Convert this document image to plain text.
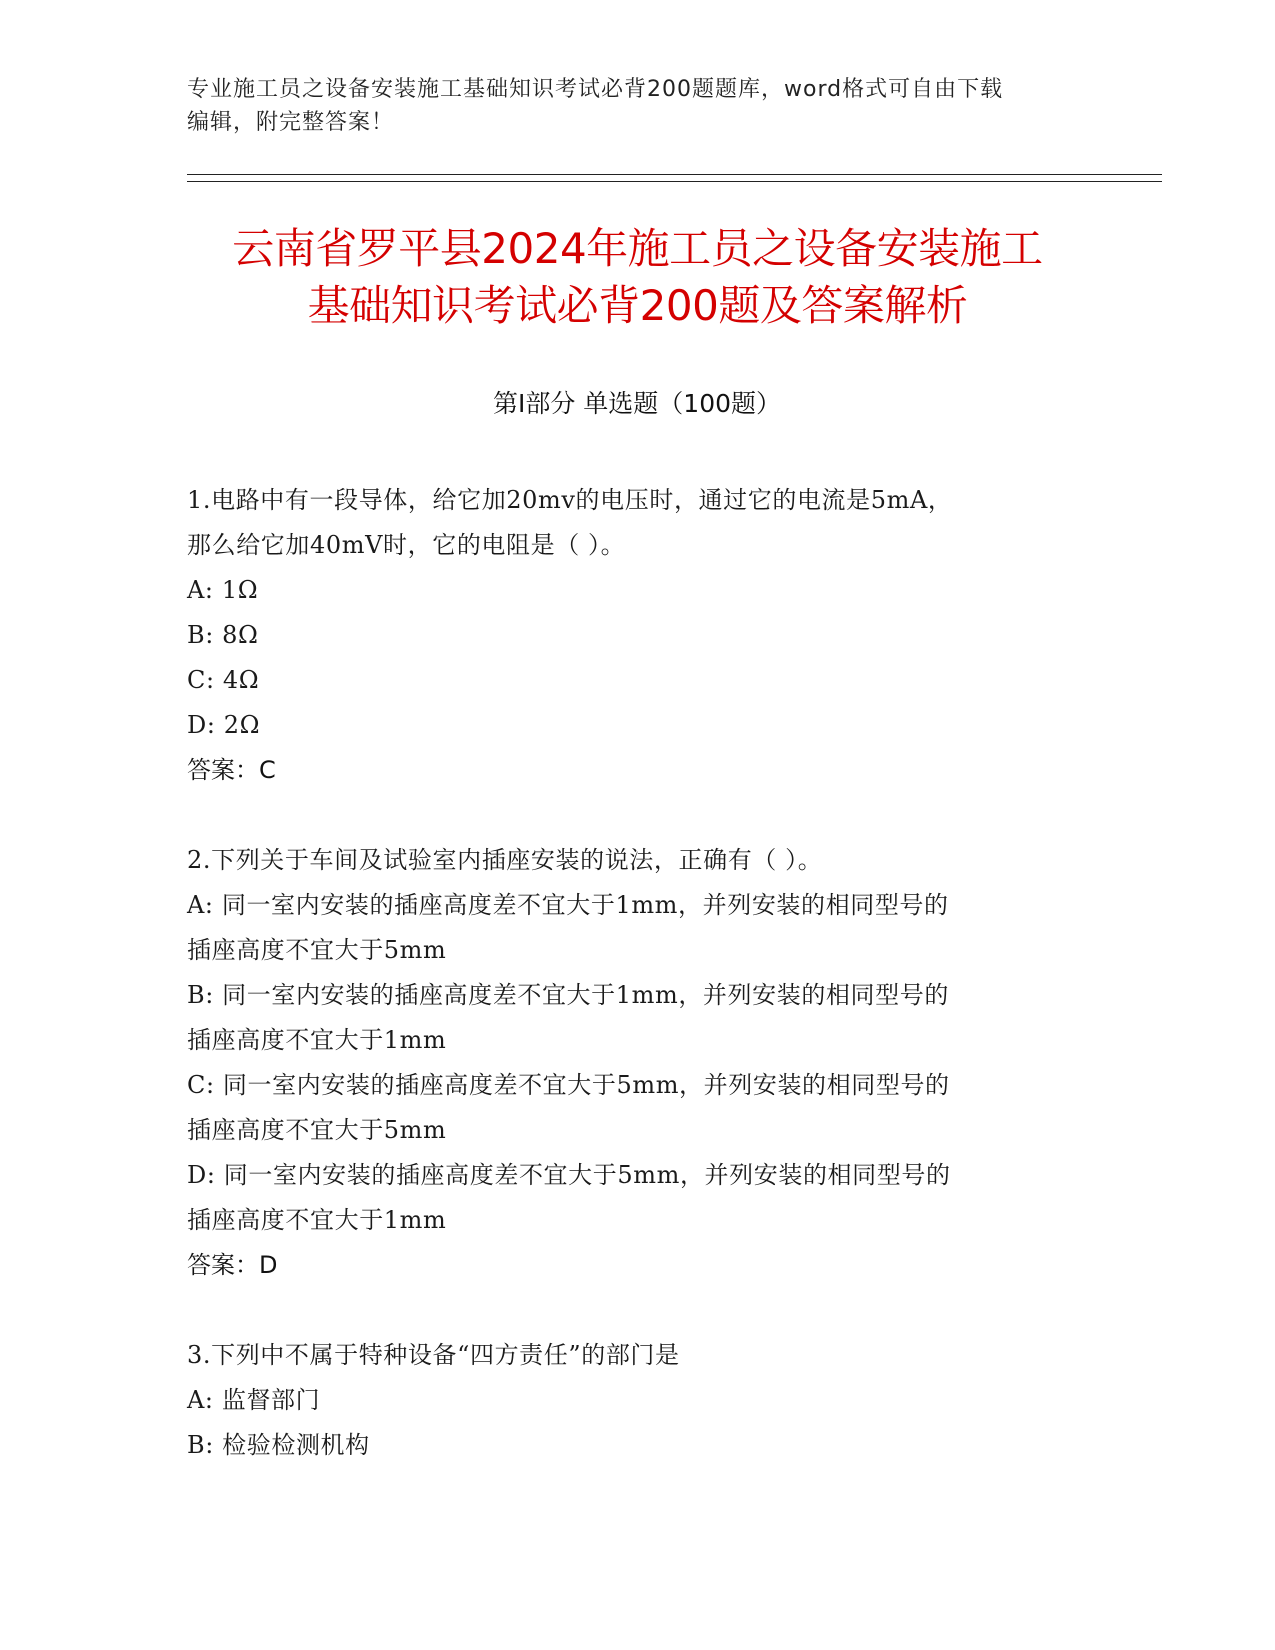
专业施工员之设备安装施工基础知识考试必背200题题库，word格式可自由下载
编辑，附完整答案！
云南省罗平县2024年施工员之设备安装施工
基础知识考试必背200题及答案解析
第Ⅰ部分 单选题（100题）
1.电路中有一段导体，给它加20mv的电压时，通过它的电流是5mA，
那么给它加40mV时，它的电阻是（ ）。
A: 1Ω
B: 8Ω
C: 4Ω
D: 2Ω
答案：C
2.下列关于车间及试验室内插座安装的说法，正确有（ ）。
A: 同一室内安装的插座高度差不宜大于1mm，并列安装的相同型号的
插座高度不宜大于5mm
B: 同一室内安装的插座高度差不宜大于1mm，并列安装的相同型号的
插座高度不宜大于1mm
C: 同一室内安装的插座高度差不宜大于5mm，并列安装的相同型号的
插座高度不宜大于5mm
D: 同一室内安装的插座高度差不宜大于5mm，并列安装的相同型号的
插座高度不宜大于1mm
答案：D
3.下列中不属于特种设备“四方责任”的部门是
A: 监督部门
B: 检验检测机构
